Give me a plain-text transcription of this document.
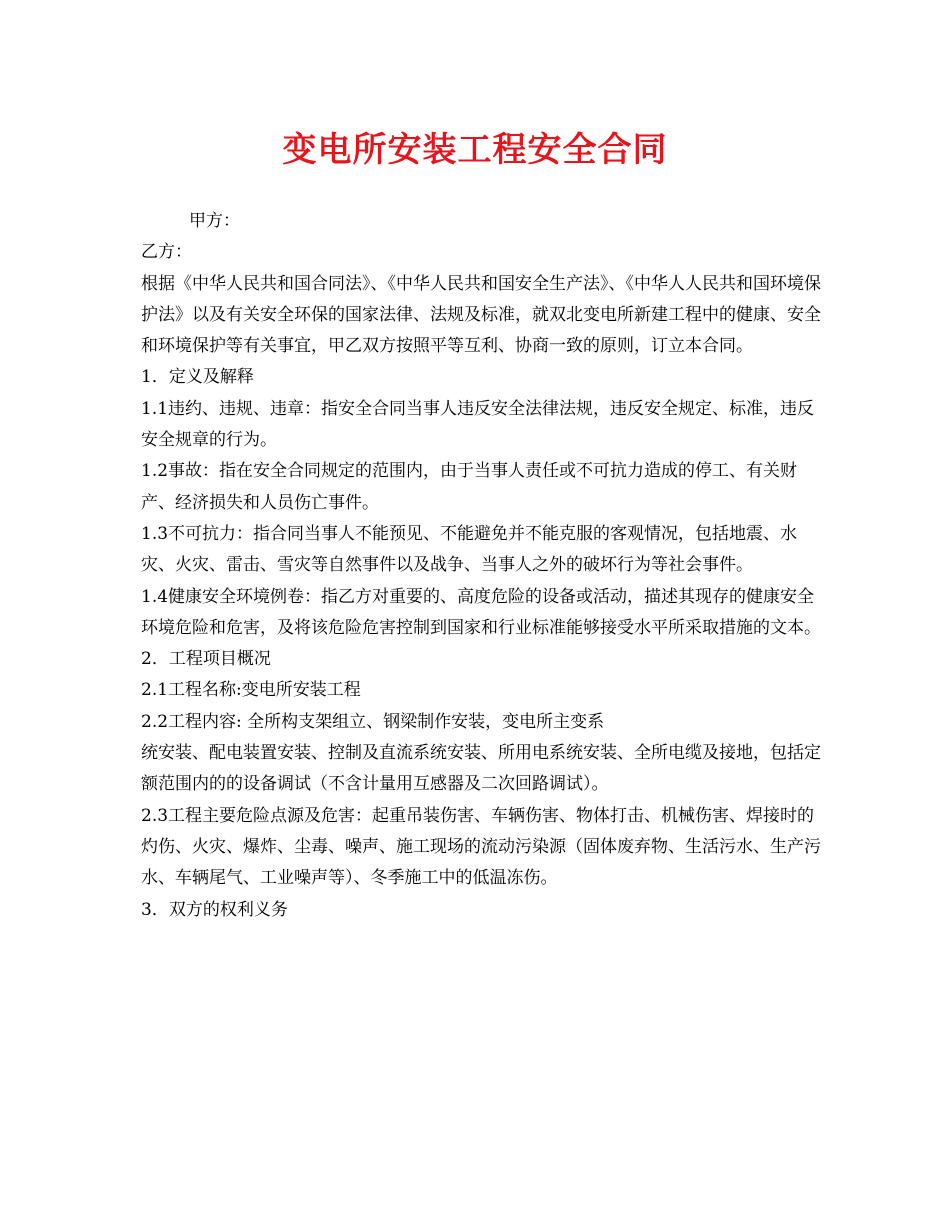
变电所安装工程安全合同

甲方：

乙方：

根据《中华人民共和国合同法》、《中华人民共和国安全生产法》、《中华人人民共和国环境保护法》以及有关安全环保的国家法律、法规及标准，就双北变电所新建工程中的健康、安全和环境保护等有关事宜，甲乙双方按照平等互利、协商一致的原则，订立本合同。

1．定义及解释

1.1违约、违规、违章：指安全合同当事人违反安全法律法规，违反安全规定、标准，违反安全规章的行为。

1.2事故：指在安全合同规定的范围内，由于当事人责任或不可抗力造成的停工、有关财产、经济损失和人员伤亡事件。

1.3不可抗力：指合同当事人不能预见、不能避免并不能克服的客观情况，包括地震、水灾、火灾、雷击、雪灾等自然事件以及战争、当事人之外的破坏行为等社会事件。

1.4健康安全环境例卷：指乙方对重要的、高度危险的设备或活动，描述其现存的健康安全环境危险和危害，及将该危险危害控制到国家和行业标准能够接受水平所采取措施的文本。

2．工程项目概况

2.1工程名称:变电所安装工程

2.2工程内容: 全所构支架组立、钢梁制作安装，变电所主变系

统安装、配电装置安装、控制及直流系统安装、所用电系统安装、全所电缆及接地，包括定额范围内的的设备调试（不含计量用互感器及二次回路调试）。

2.3工程主要危险点源及危害：起重吊装伤害、车辆伤害、物体打击、机械伤害、焊接时的灼伤、火灾、爆炸、尘毒、噪声、施工现场的流动污染源（固体废弃物、生活污水、生产污水、车辆尾气、工业噪声等）、冬季施工中的低温冻伤。

3．双方的权利义务
